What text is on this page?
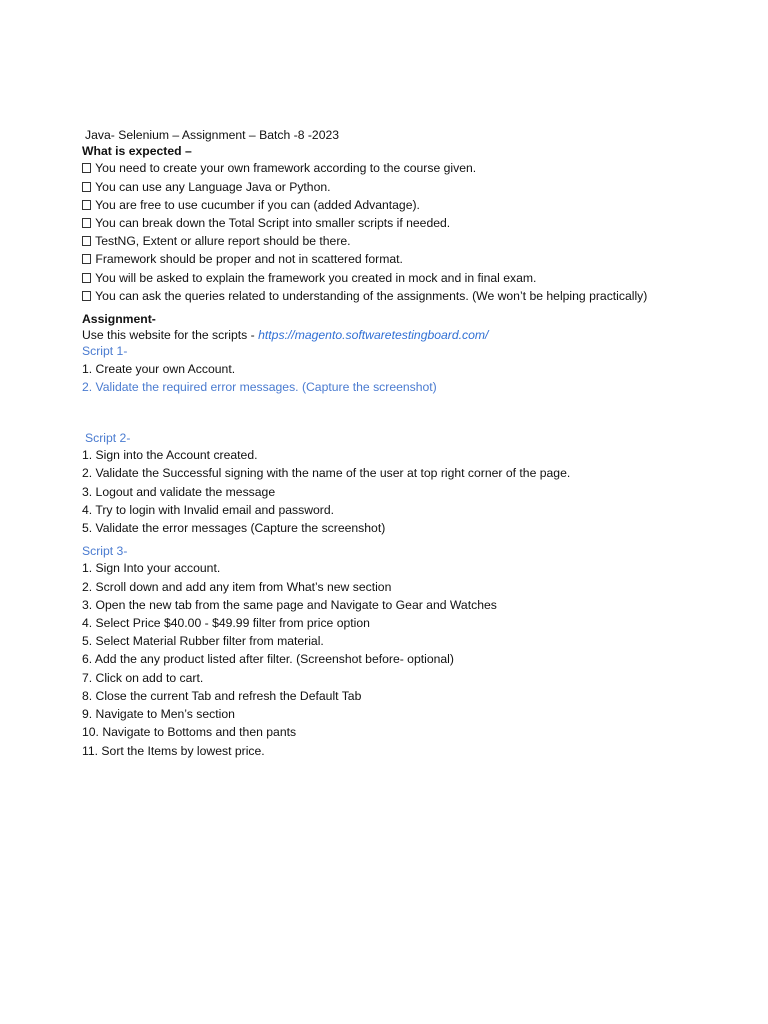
Java- Selenium – Assignment – Batch -8 -2023
What is expected –
You need to create your own framework according to the course given.
You can use any Language Java or Python.
You are free to use cucumber if you can (added Advantage).
You can break down the Total Script into smaller scripts if needed.
TestNG, Extent or allure report should be there.
Framework should be proper and not in scattered format.
You will be asked to explain the framework you created in mock and in final exam.
You can ask the queries related to understanding of the assignments. (We won’t be helping practically)
Assignment-
Use this website for the scripts - https://magento.softwaretestingboard.com/
Script 1-
1. Create your own Account.
2. Validate the required error messages. (Capture the screenshot)
Script 2-
1. Sign into the Account created.
2. Validate the Successful signing with the name of the user at top right corner of the page.
3. Logout and validate the message
4. Try to login with Invalid email and password.
5. Validate the error messages (Capture the screenshot)
Script 3-
1. Sign Into your account.
2. Scroll down and add any item from What’s new section
3. Open the new tab from the same page and Navigate to Gear and Watches
4. Select Price $40.00 - $49.99 filter from price option
5. Select Material Rubber filter from material.
6. Add the any product listed after filter. (Screenshot before- optional)
7. Click on add to cart.
8. Close the current Tab and refresh the Default Tab
9. Navigate to Men’s section
10. Navigate to Bottoms and then pants
11. Sort the Items by lowest price.
